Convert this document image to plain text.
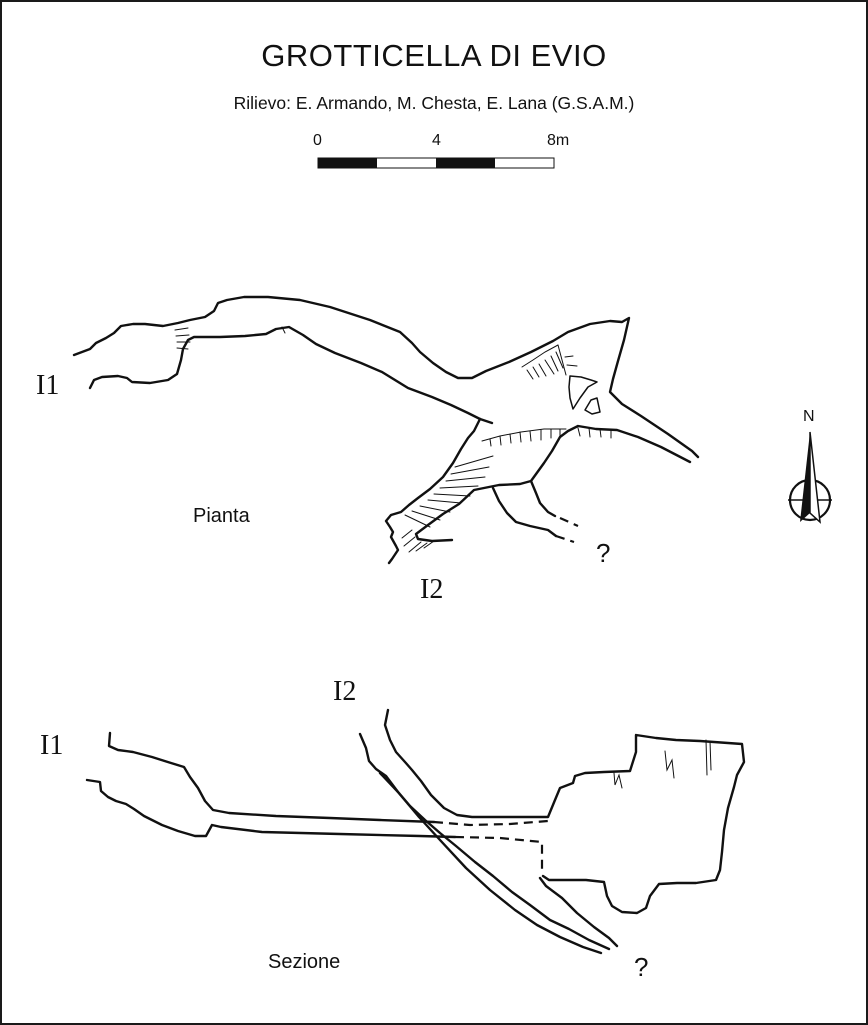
GROTTICELLA DI EVIO
Rilievo: E. Armando, M. Chesta, E. Lana (G.S.A.M.)
0	4	8m
N
I1
I2
Pianta
?
I1
I2
Sezione	?
